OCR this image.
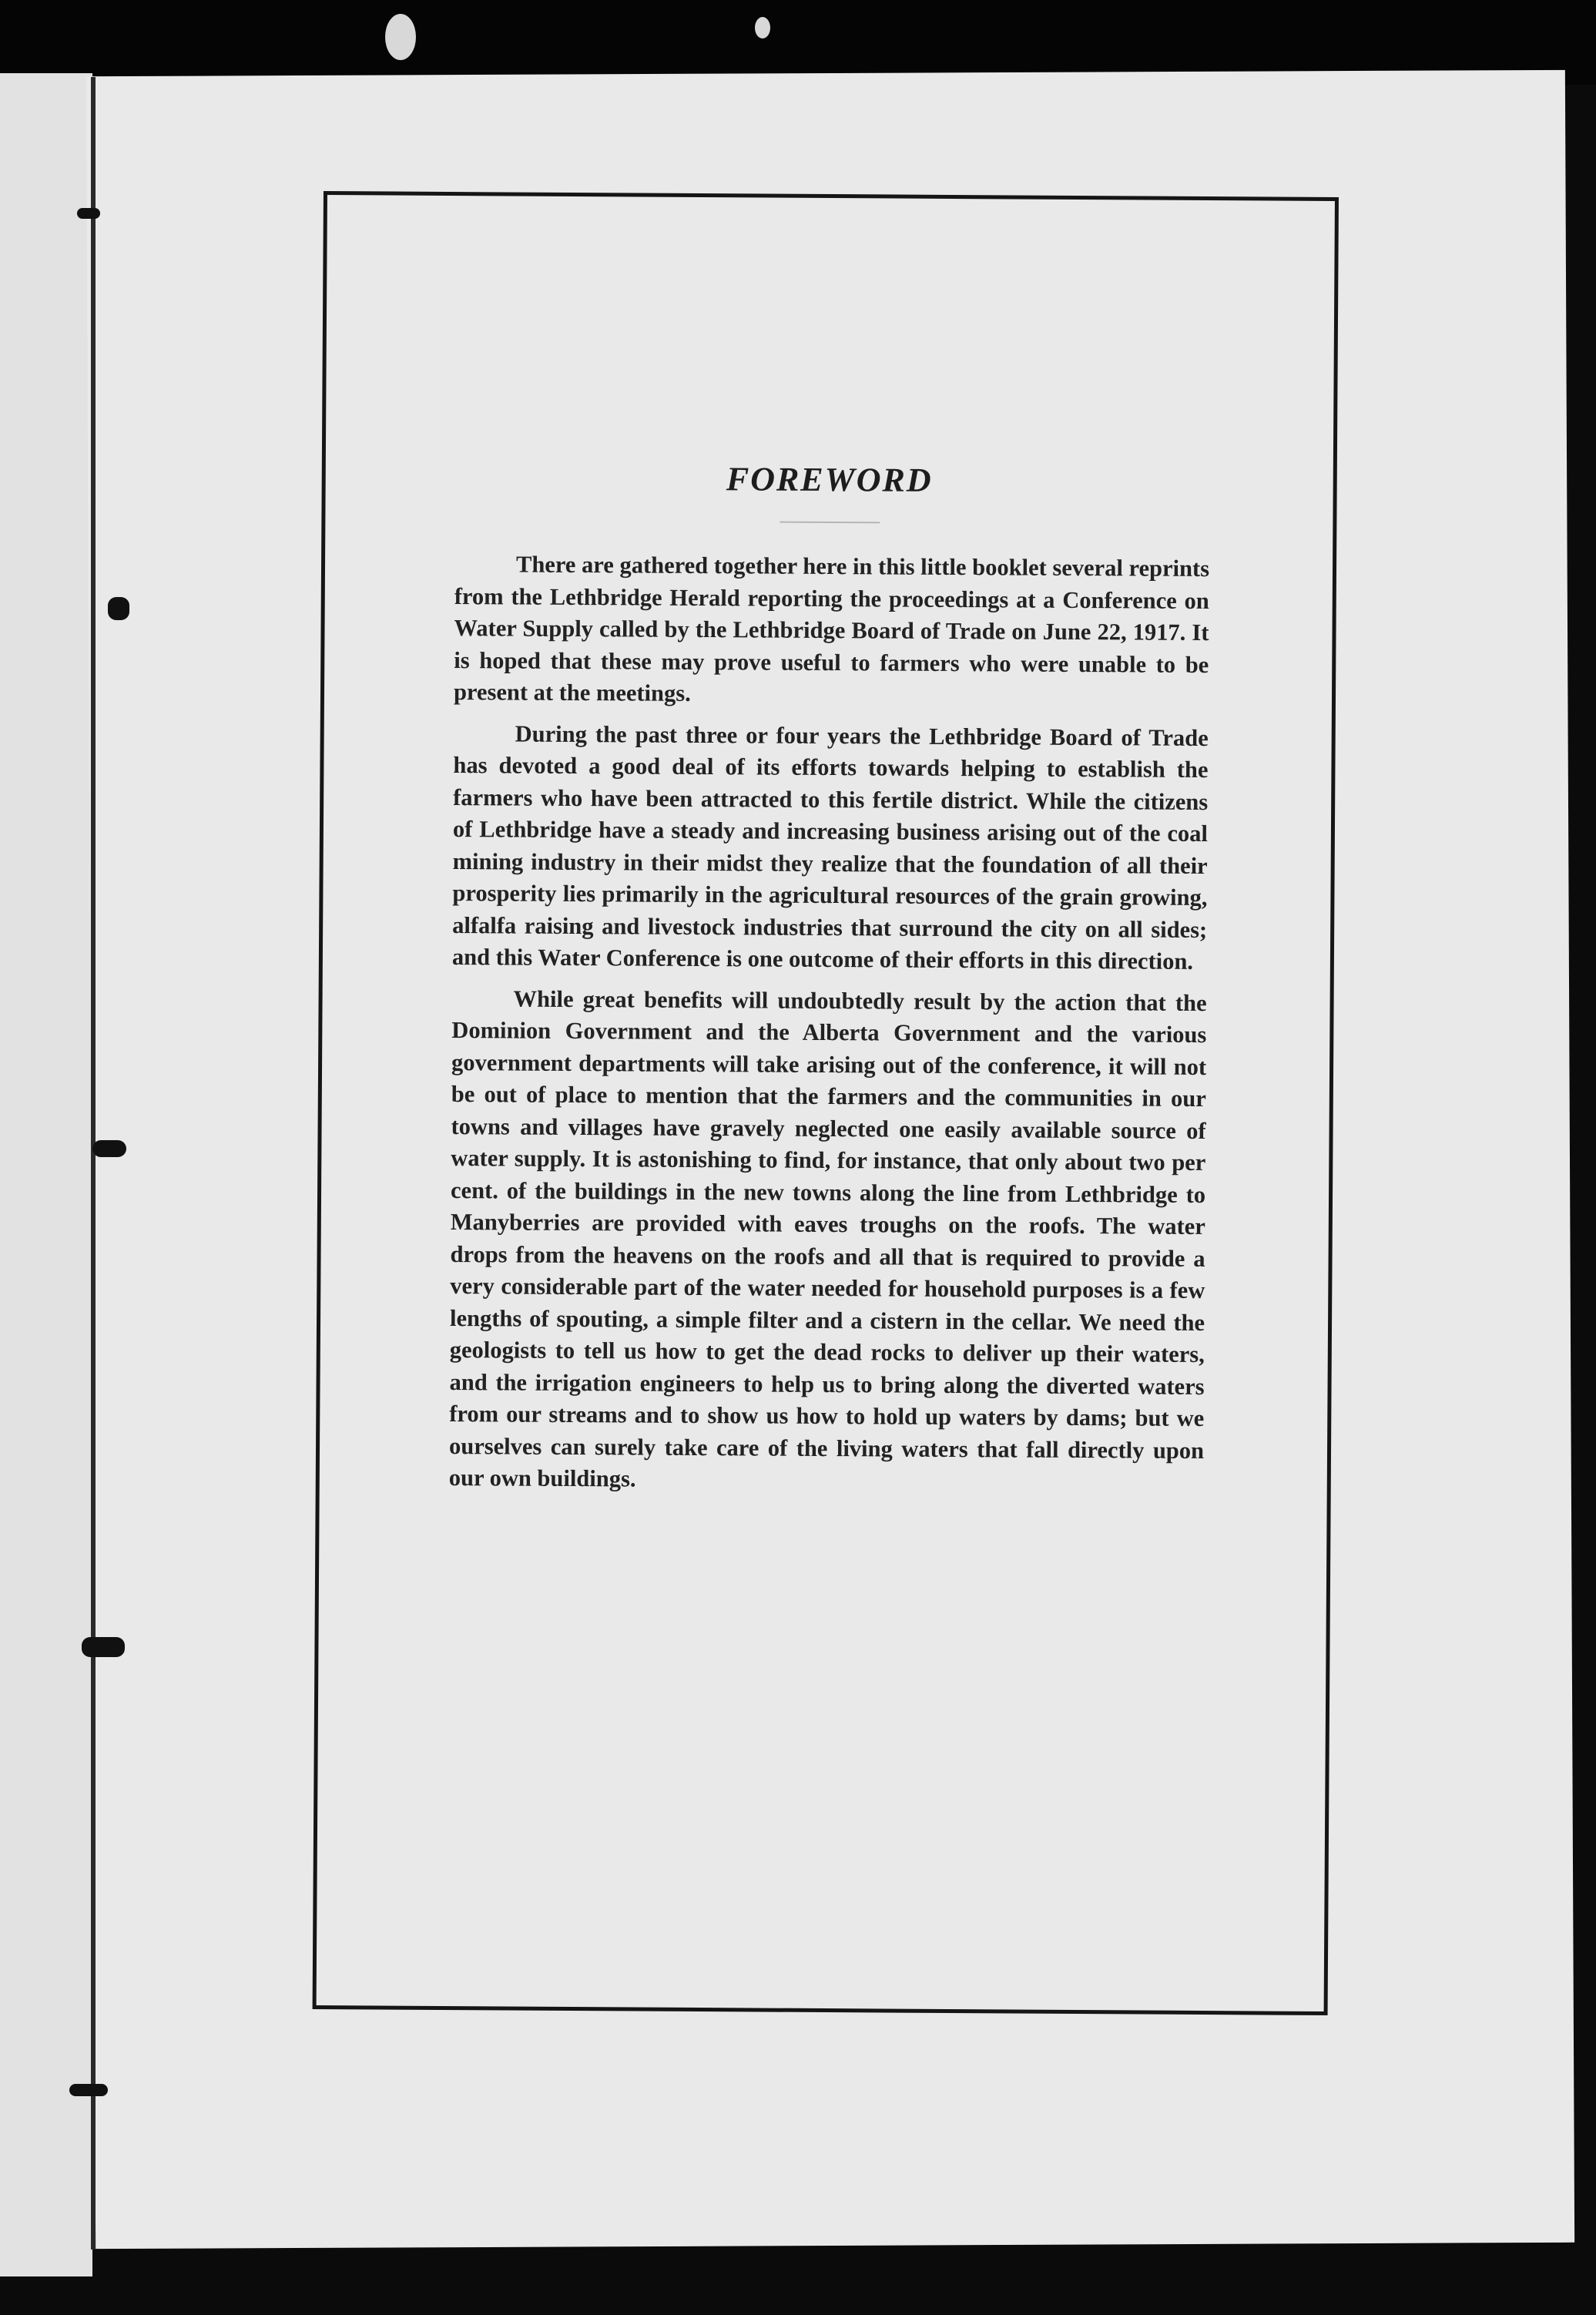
FOREWORD

There are gathered together here in this little booklet several reprints from the Lethbridge Herald reporting the proceedings at a Conference on Water Supply called by the Lethbridge Board of Trade on June 22, 1917. It is hoped that these may prove useful to farmers who were unable to be present at the meetings.

During the past three or four years the Lethbridge Board of Trade has devoted a good deal of its efforts towards helping to establish the farmers who have been attracted to this fertile district. While the citizens of Lethbridge have a steady and increasing business arising out of the coal mining industry in their midst they realize that the foundation of all their prosperity lies primarily in the agricultural resources of the grain growing, alfalfa raising and livestock industries that surround the city on all sides; and this Water Conference is one outcome of their efforts in this direction.

While great benefits will undoubtedly result by the action that the Dominion Government and the Alberta Government and the various government departments will take arising out of the conference, it will not be out of place to mention that the farmers and the communities in our towns and villages have gravely neglected one easily available source of water supply. It is astonishing to find, for instance, that only about two per cent. of the buildings in the new towns along the line from Lethbridge to Manyberries are provided with eaves troughs on the roofs. The water drops from the heavens on the roofs and all that is required to provide a very considerable part of the water needed for household purposes is a few lengths of spouting, a simple filter and a cistern in the cellar. We need the geologists to tell us how to get the dead rocks to deliver up their waters, and the irrigation engineers to help us to bring along the diverted waters from our streams and to show us how to hold up waters by dams; but we ourselves can surely take care of the living waters that fall directly upon our own buildings.
